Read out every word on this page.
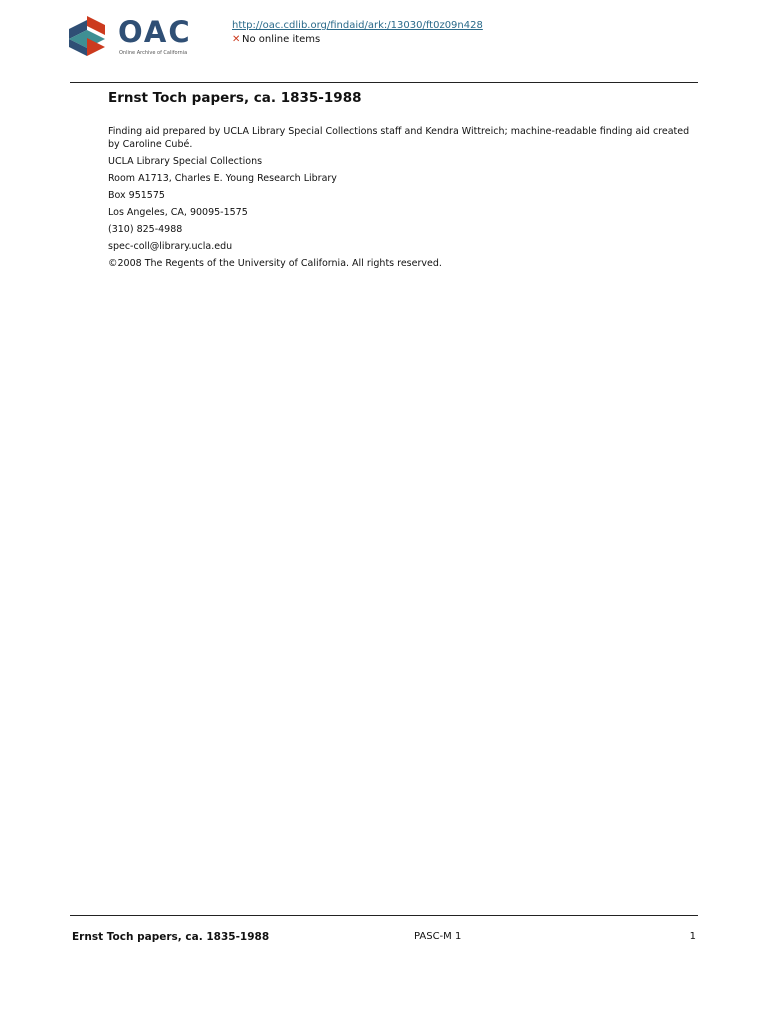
OAC
Online Archive of California
http://oac.cdlib.org/findaid/ark:/13030/ft0z09n428
✕ No online items
Ernst Toch papers, ca. 1835-1988

Finding aid prepared by UCLA Library Special Collections staff and Kendra Wittreich; machine-readable finding aid created by Caroline Cubé.

UCLA Library Special Collections

Room A1713, Charles E. Young Research Library

Box 951575

Los Angeles, CA, 90095-1575

(310) 825-4988

spec-coll@library.ucla.edu

©2008 The Regents of the University of California. All rights reserved.

Ernst Toch papers, ca. 1835-1988	PASC-M 1	1
